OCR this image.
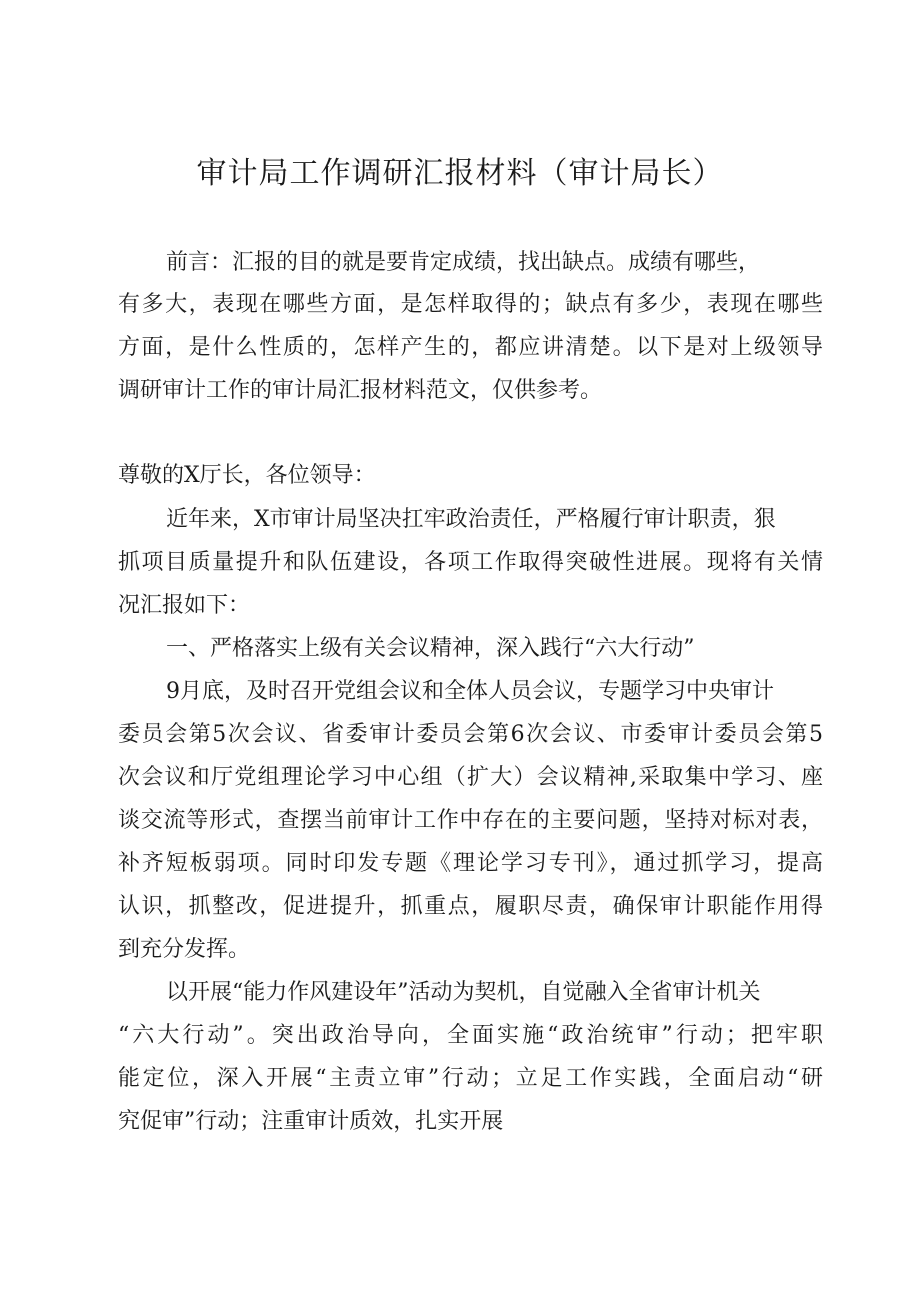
审计局工作调研汇报材料（审计局长）
前言：汇报的目的就是要肯定成绩，找出缺点。成绩有哪些，
有多大，表现在哪些方面，是怎样取得的；缺点有多少，表现在哪些
方面，是什么性质的，怎样产生的，都应讲清楚。以下是对上级领导
调研审计工作的审计局汇报材料范文，仅供参考。
尊敬的X厅长，各位领导：
近年来，X市审计局坚决扛牢政治责任，严格履行审计职责，狠
抓项目质量提升和队伍建设，各项工作取得突破性进展。现将有关情
况汇报如下：
一、严格落实上级有关会议精神，深入践行“六大行动”
9月底，及时召开党组会议和全体人员会议，专题学习中央审计
委员会第5次会议、省委审计委员会第6次会议、市委审计委员会第5
次会议和厅党组理论学习中心组（扩大）会议精神,采取集中学习、座
谈交流等形式，查摆当前审计工作中存在的主要问题，坚持对标对表，
补齐短板弱项。同时印发专题《理论学习专刊》，通过抓学习，提高
认识，抓整改，促进提升，抓重点，履职尽责，确保审计职能作用得
到充分发挥。
以开展“能力作风建设年”活动为契机，自觉融入全省审计机关
“六大行动”。突出政治导向，全面实施“政治统审”行动；把牢职
能定位，深入开展“主责立审”行动；立足工作实践，全面启动“研
究促审”行动；注重审计质效，扎实开展
